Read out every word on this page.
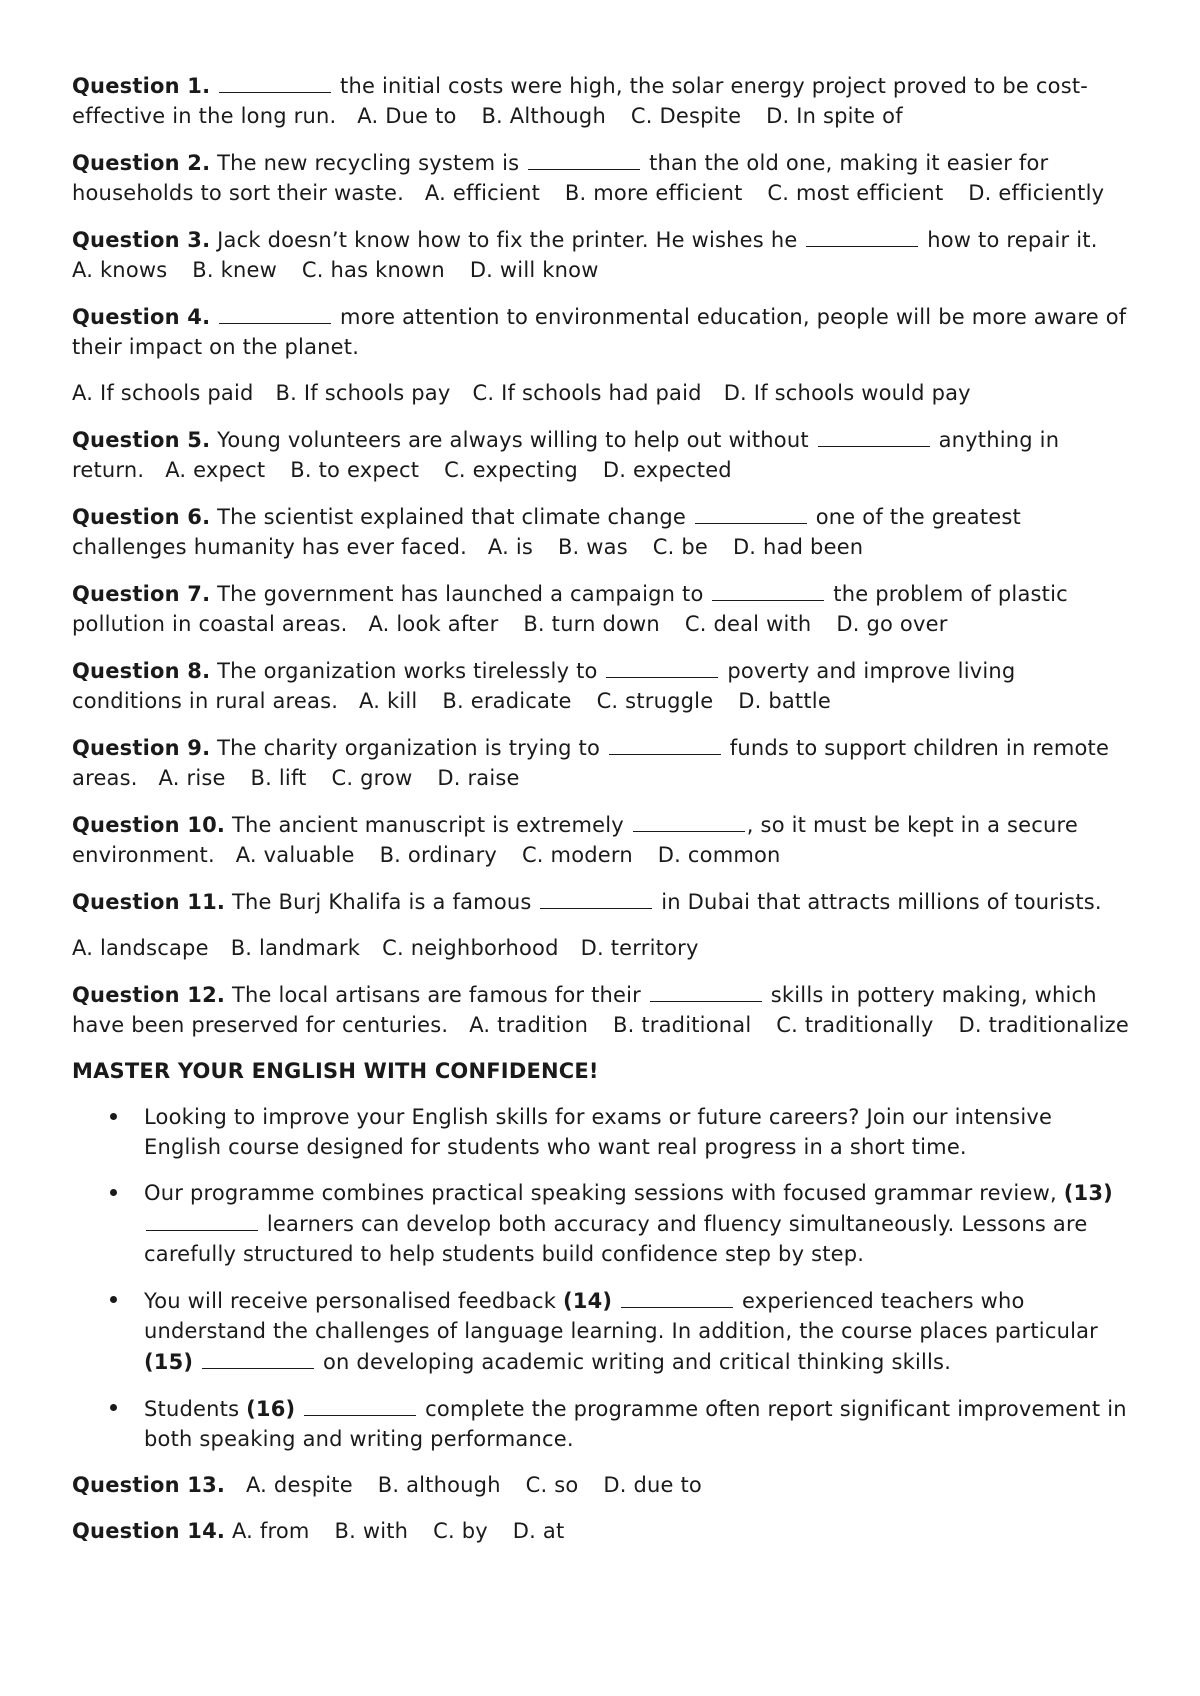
Question 1.	the initial costs were high, the solar energy project proved to be cost-effective in the long run. A. Due to B. Although C. Despite D. In spite of

Question 2. The new recycling system is	than the old one, making it easier for households to sort their waste. A. efficient B. more efficient C. most efficient D. efficiently

Question 3. Jack doesn’t know how to fix the printer. He wishes he	how to repair it.
A. knows B. knew C. has known D. will know

Question 4.	more attention to environmental education, people will be more aware of their impact on the planet.

A. If schools paid B. If schools pay C. If schools had paid D. If schools would pay

Question 5. Young volunteers are always willing to help out without	anything in return. A. expect B. to expect C. expecting D. expected

Question 6. The scientist explained that climate change	one of the greatest challenges humanity has ever faced. A. is B. was C. be D. had been

Question 7. The government has launched a campaign to	the problem of plastic pollution in coastal areas. A. look after B. turn down C. deal with D. go over

Question 8. The organization works tirelessly to	poverty and improve living conditions in rural areas. A. kill B. eradicate C. struggle D. battle

Question 9. The charity organization is trying to	funds to support children in remote areas. A. rise B. lift C. grow D. raise

Question 10. The ancient manuscript is extremely	, so it must be kept in a secure environment. A. valuable B. ordinary C. modern D. common

Question 11. The Burj Khalifa is a famous	in Dubai that attracts millions of tourists.

A. landscape B. landmark C. neighborhood D. territory

Question 12. The local artisans are famous for their	skills in pottery making, which have been preserved for centuries. A. tradition B. traditional C. traditionally D. traditionalize

MASTER YOUR ENGLISH WITH CONFIDENCE!

Looking to improve your English skills for exams or future careers? Join our intensive English course designed for students who want real progress in a short time.
Our programme combines practical speaking sessions with focused grammar review, (13)  learners can develop both accuracy and fluency simultaneously. Lessons are carefully structured to help students build confidence step by step.
You will receive personalised feedback (14)	experienced teachers who understand the challenges of language learning. In addition, the course places particular (15)	on developing academic writing and critical thinking skills.
Students (16)	complete the programme often report significant improvement in both speaking and writing performance.

Question 13. A. despite B. although C. so D. due to

Question 14. A. from B. with C. by D. at
